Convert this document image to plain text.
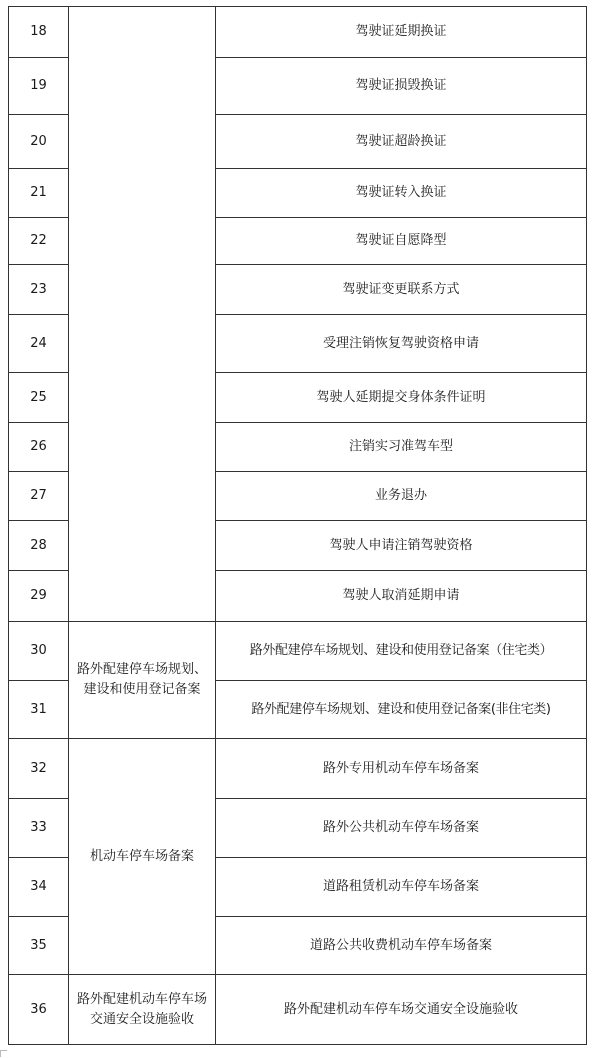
18		驾驶证延期换证
19		驾驶证损毁换证
20		驾驶证超龄换证
21		驾驶证转入换证
22		驾驶证自愿降型
23		驾驶证变更联系方式
24		受理注销恢复驾驶资格申请
25		驾驶人延期提交身体条件证明
26		注销实习准驾车型
27		业务退办
28		驾驶人申请注销驾驶资格
29		驾驶人取消延期申请
30	路外配建停车场规划、建设和使用登记备案	路外配建停车场规划、建设和使用登记备案（住宅类）
31		路外配建停车场规划、建设和使用登记备案(非住宅类)
32	机动车停车场备案	路外专用机动车停车场备案
33		路外公共机动车停车场备案
34		道路租赁机动车停车场备案
35		道路公共收费机动车停车场备案
36	路外配建机动车停车场交通安全设施验收	路外配建机动车停车场交通安全设施验收
